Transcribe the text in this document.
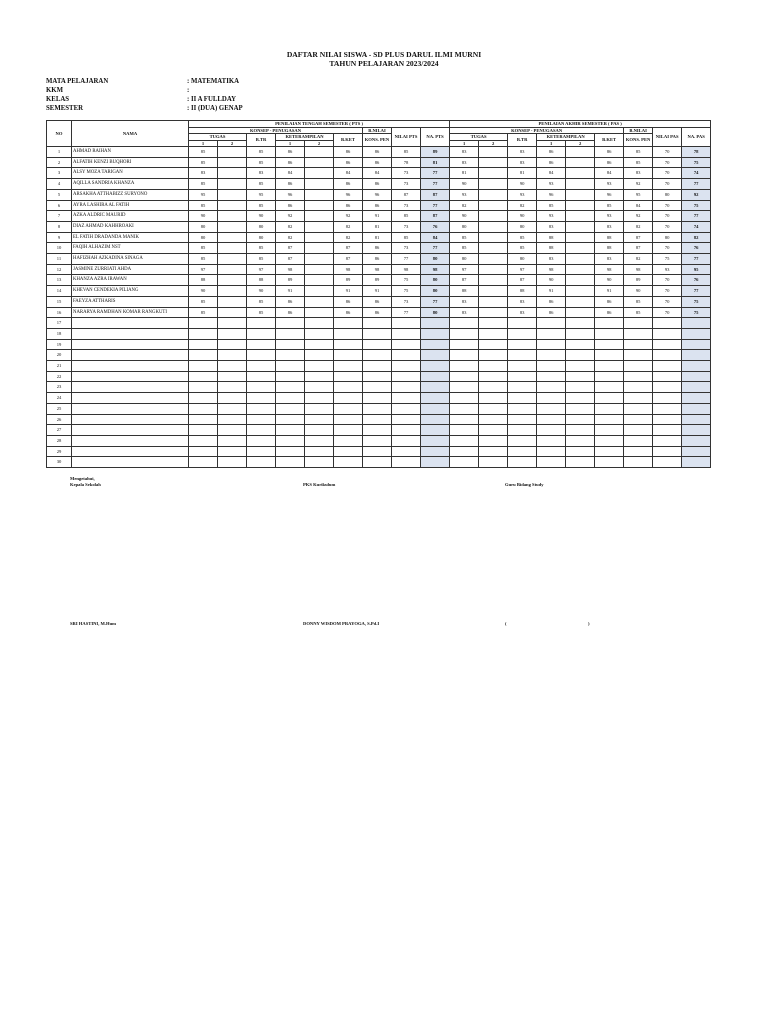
DAFTAR NILAI SISWA - SD PLUS DARUL ILMI MURNI
TAHUN PELAJARAN 2023/2024
MATA PELAJARAN	: MATEMATIKA
KKM	:
KELAS	: II A FULLDAY
SEMESTER	: II (DUA) GENAP
NO	NAMA	PENILAIAN TENGAH SEMESTER ( PTS )									PENILAIAN AKHIR SEMESTER ( PAS )								
		KONSEP - PENUGASAN						B.NILAI	NILAI PTS	NA. PTS	KONSEP - PENUGASAN						B.NILAI	NILAI PAS	NA. PAS
		TUGAS		B.TR	KETERAMPILAN		B.KET	KONS. PEN			TUGAS		B.TR	KETERAMPILAN		B.KET	KONS. PEN		
		1	2		1	2					1	2		1	2				
1	AHMAD RAIHAN	85		85	86		86	86	85	89	83		83	86		86	85	70	78
2	ALFATIH KENZI BUQHORI	85		85	86		86	86	78	81	83		83	86		86	85	70	75
3	ALSY MOZA TARIGAN	83		83	84		84	84	73	77	81		81	84		84	83	70	74
4	AQILLA SANDRIA KHANZA	85		85	86		86	86	73	77	90		90	93		93	92	70	77
5	ARSAKHA ATTHABIZZ SURYONO	95		95	96		96	96	87	87	93		93	96		96	95	80	92
6	AYRA LASHIRA AL FATIH	85		85	86		86	86	73	77	82		82	85		85	84	70	75
7	AZKA ALDRIC MAURID	90		90	92		92	91	85	87	90		90	93		93	92	70	77
8	DIAZ AHMAD KAHHROAKI	80		80	82		82	81	73	76	80		80	83		83	82	70	74
9	EL FATIH DRADANDA MANIK	80		80	82		82	81	85	84	85		85	88		88	87	80	82
10	FAQIH ALHAZIM NST	85		85	87		87	86	73	77	85		85	88		88	87	70	76
11	HAFIZHAH AZKADINA SINAGA	85		85	87		87	86	77	80	80		80	83		83	82	75	77
12	JASMINE ZURRIATI AHDA	97		97	98		98	98	98	98	97		97	98		98	98	93	95
13	KHANZA AZRA IRAWAN	88		88	89		89	89	75	80	87		87	90		90	89	70	76
14	KHEVAN CENDEKIA PILIANG	90		90	91		91	91	75	80	88		88	91		91	90	70	77
15	FAEYZA ATTHARIS	85		85	86		86	86	73	77	83		83	86		86	85	70	75
16	NARARYA RAMDHAN KOMAR RANGKUTI	85		85	86		86	86	77	80	83		83	86		86	85	70	75
17																			
18																			
19																			
20																			
21																			
22																			
23																			
24																			
25																			
26																			
27																			
28																			
29																			
30																			
Mengetahui,
Kepala Sekolah	PKS Kurikulum	Guru Bidang Study
SRI HASTINI, M.Hum	DONNY WISDOM PRAYOGA, S.Pd.I	(	)
